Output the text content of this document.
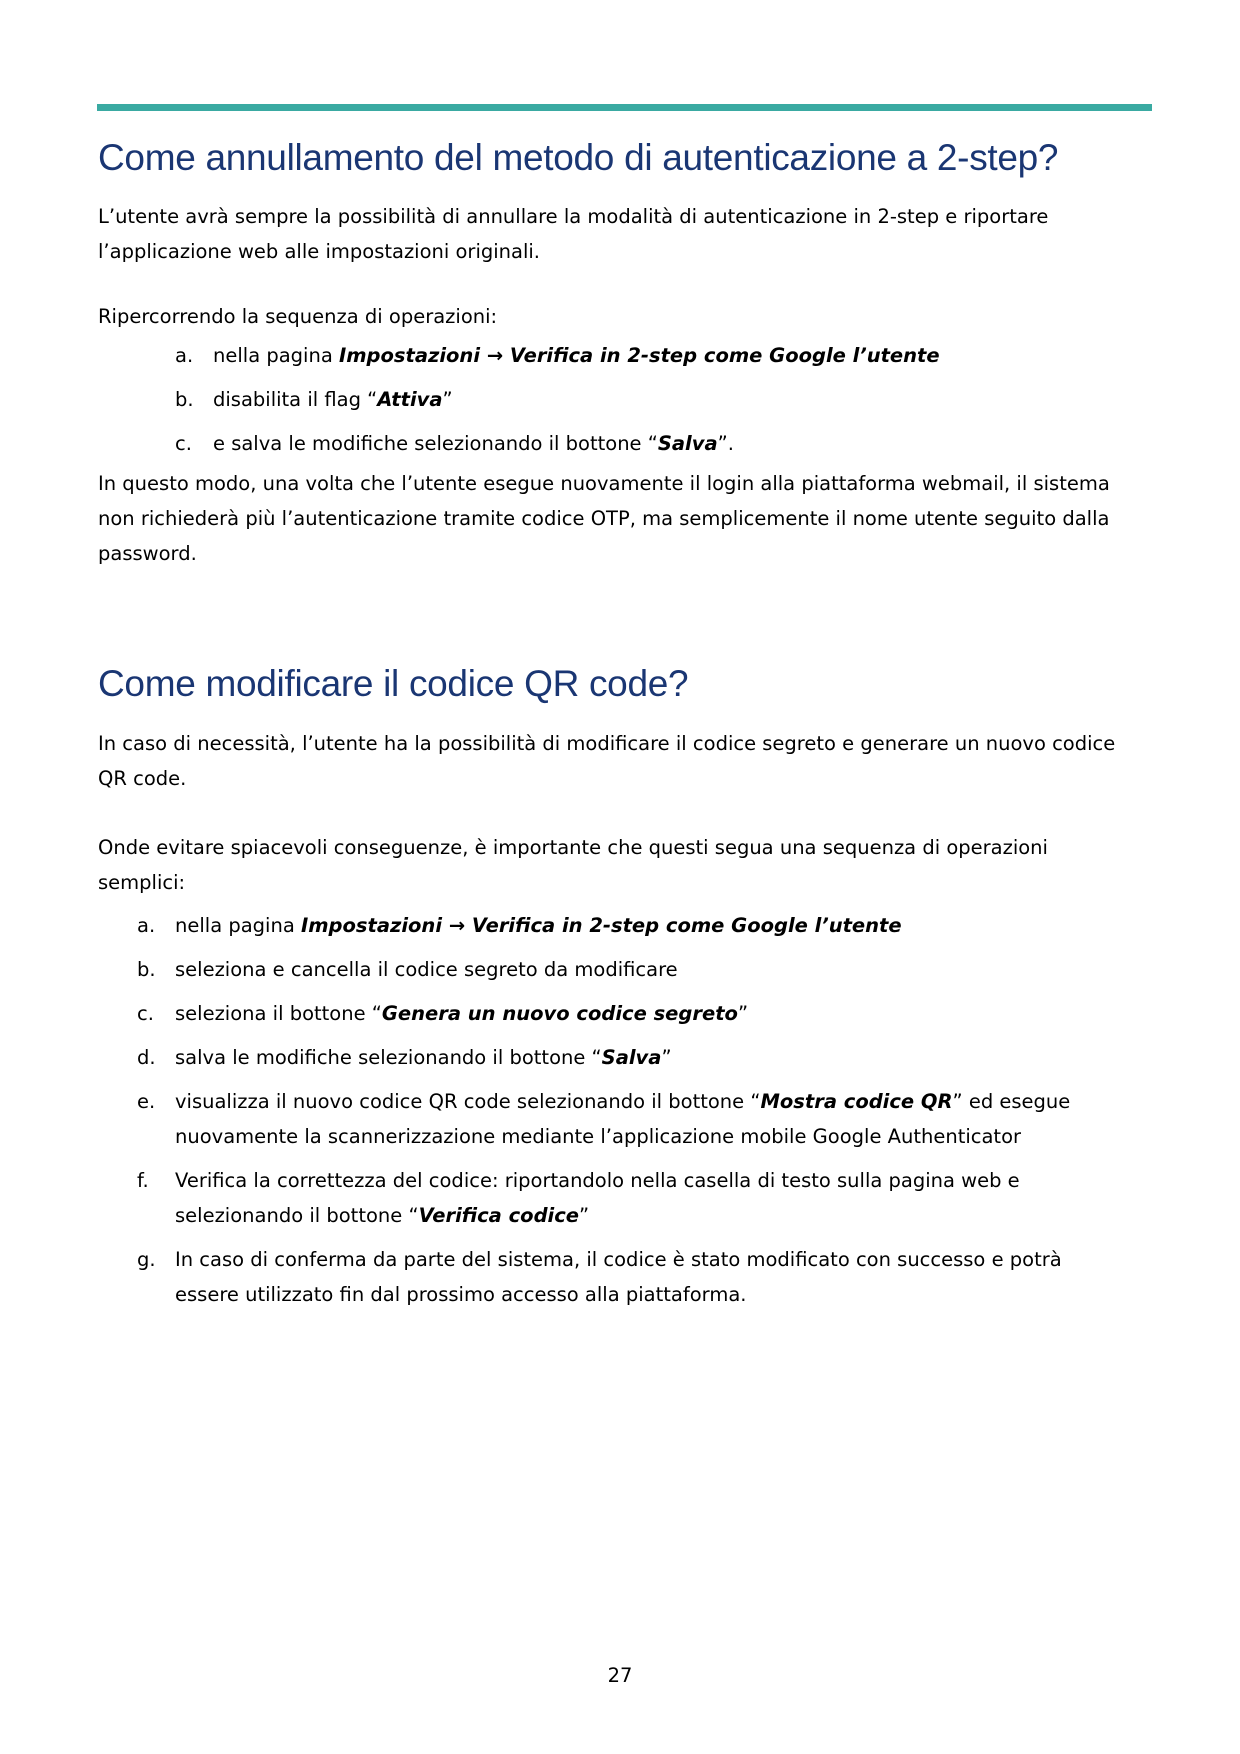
Come annullamento del metodo di autenticazione a 2-step?

L’utente avrà sempre la possibilità di annullare la modalità di autenticazione in 2-step e riportare l’applicazione web alle impostazioni originali.

Ripercorrendo la sequenza di operazioni:

a. nella pagina Impostazioni → Verifica in 2-step come Google l’utente
b. disabilita il flag “Attiva”
c. e salva le modifiche selezionando il bottone “Salva”.

In questo modo, una volta che l’utente esegue nuovamente il login alla piattaforma webmail, il sistema non richiederà più l’autenticazione tramite codice OTP, ma semplicemente il nome utente seguito dalla password.

Come modificare il codice QR code?

In caso di necessità, l’utente ha la possibilità di modificare il codice segreto e generare un nuovo codice QR code.

Onde evitare spiacevoli conseguenze, è importante che questi segua una sequenza di operazioni semplici:

a. nella pagina Impostazioni → Verifica in 2-step come Google l’utente
b. seleziona e cancella il codice segreto da modificare
c. seleziona il bottone “Genera un nuovo codice segreto”
d. salva le modifiche selezionando il bottone “Salva”
e. visualizza il nuovo codice QR code selezionando il bottone “Mostra codice QR” ed esegue nuovamente la scannerizzazione mediante l’applicazione mobile Google Authenticator
f. Verifica la correttezza del codice: riportandolo nella casella di testo sulla pagina web e selezionando il bottone “Verifica codice”
g. In caso di conferma da parte del sistema, il codice è stato modificato con successo e potrà essere utilizzato fin dal prossimo accesso alla piattaforma.
27
